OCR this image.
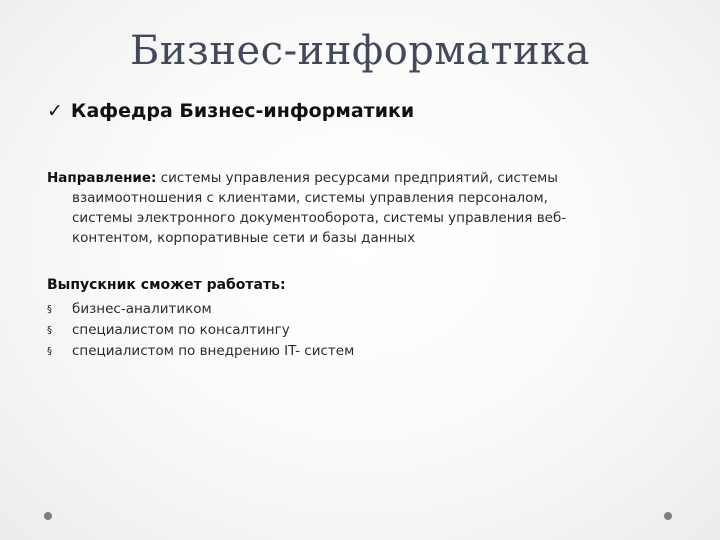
Бизнес-информатика
✓ Кафедра Бизнес-информатики
Направление: системы управления ресурсами предприятий, системы
взаимоотношения с клиентами, системы управления персоналом,
системы электронного документооборота, системы управления веб-
контентом, корпоративные сети и базы данных
Выпускник сможет работать:
§ бизнес-аналитиком
§ специалистом по консалтингу
§ специалистом по внедрению IT- систем
